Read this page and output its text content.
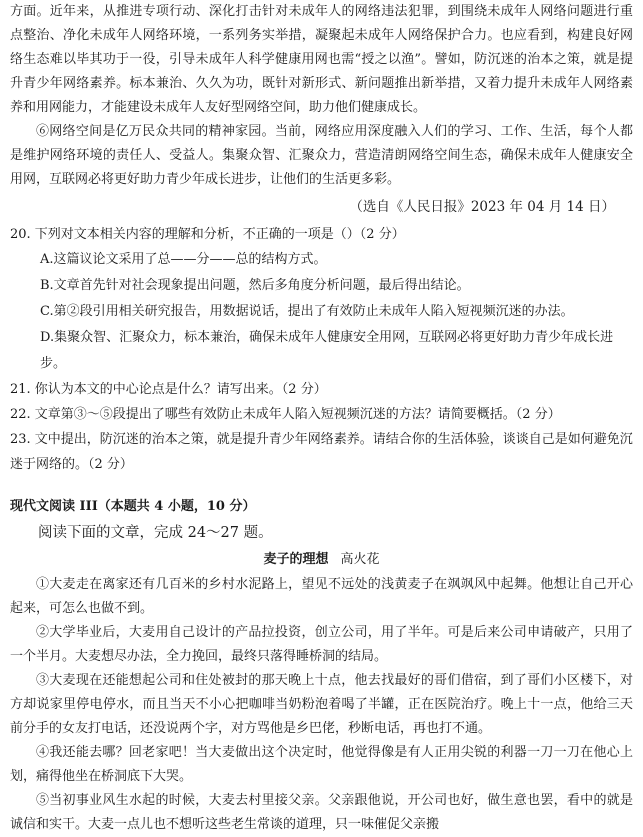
方面。近年来，从推进专项行动、深化打击针对未成年人的网络违法犯罪，到围绕未成年人网络问题进行重点整治、净化未成年人网络环境，一系列务实举措，凝聚起未成年人网络保护合力。也应看到，构建良好网络生态难以毕其功于一役，引导未成年人科学健康用网也需“授之以渔”。譬如，防沉迷的治本之策，就是提升青少年网络素养。标本兼治、久久为功，既针对新形式、新问题推出新举措，又着力提升未成年人网络素养和用网能力，才能建设未成年人友好型网络空间，助力他们健康成长。

⑥网络空间是亿万民众共同的精神家园。当前，网络应用深度融入人们的学习、工作、生活，每个人都是维护网络环境的责任人、受益人。集聚众智、汇聚众力，营造清朗网络空间生态，确保未成年人健康安全用网，互联网必将更好助力青少年成长进步，让他们的生活更多彩。

（选自《人民日报》2023 年 04 月 14 日）

20. 下列对文本相关内容的理解和分析，不正确的一项是（）（2 分）

A.这篇议论文采用了总——分——总的结构方式。

B.文章首先针对社会现象提出问题，然后多角度分析问题，最后得出结论。

C.第②段引用相关研究报告，用数据说话，提出了有效防止未成年人陷入短视频沉迷的办法。

D.集聚众智、汇聚众力，标本兼治，确保未成年人健康安全用网，互联网必将更好助力青少年成长进步。

21. 你认为本文的中心论点是什么？请写出来。（2 分）

22. 文章第③～⑤段提出了哪些有效防止未成年人陷入短视频沉迷的方法？请简要概括。（2 分）

23. 文中提出，防沉迷的治本之策，就是提升青少年网络素养。请结合你的生活体验，谈谈自己是如何避免沉迷于网络的。（2 分）

现代文阅读 III（本题共 4 小题，10 分）

阅读下面的文章，完成 24～27 题。

麦子的理想 高火花

①大麦走在离家还有几百米的乡村水泥路上，望见不远处的浅黄麦子在飒飒风中起舞。他想让自己开心起来，可怎么也做不到。

②大学毕业后，大麦用自己设计的产品拉投资，创立公司，用了半年。可是后来公司申请破产，只用了一个半月。大麦想尽办法，全力挽回，最终只落得睡桥洞的结局。

③大麦现在还能想起公司和住处被封的那天晚上十点，他去找最好的哥们借宿，到了哥们小区楼下，对方却说家里停电停水，而且当天不小心把咖啡当奶粉泡着喝了半罐，正在医院治疗。晚上十一点，他给三天前分手的女友打电话，还没说两个字，对方骂他是乡巴佬，秒断电话，再也打不通。

④我还能去哪？回老家吧！当大麦做出这个决定时，他觉得像是有人正用尖锐的利器一刀一刀在他心上划，痛得他坐在桥洞底下大哭。

⑤当初事业风生水起的时候，大麦去村里接父亲。父亲跟他说，开公司也好，做生意也罢，看中的就是诚信和实干。大麦一点儿也不想听这些老生常谈的道理，只一味催促父亲搬
